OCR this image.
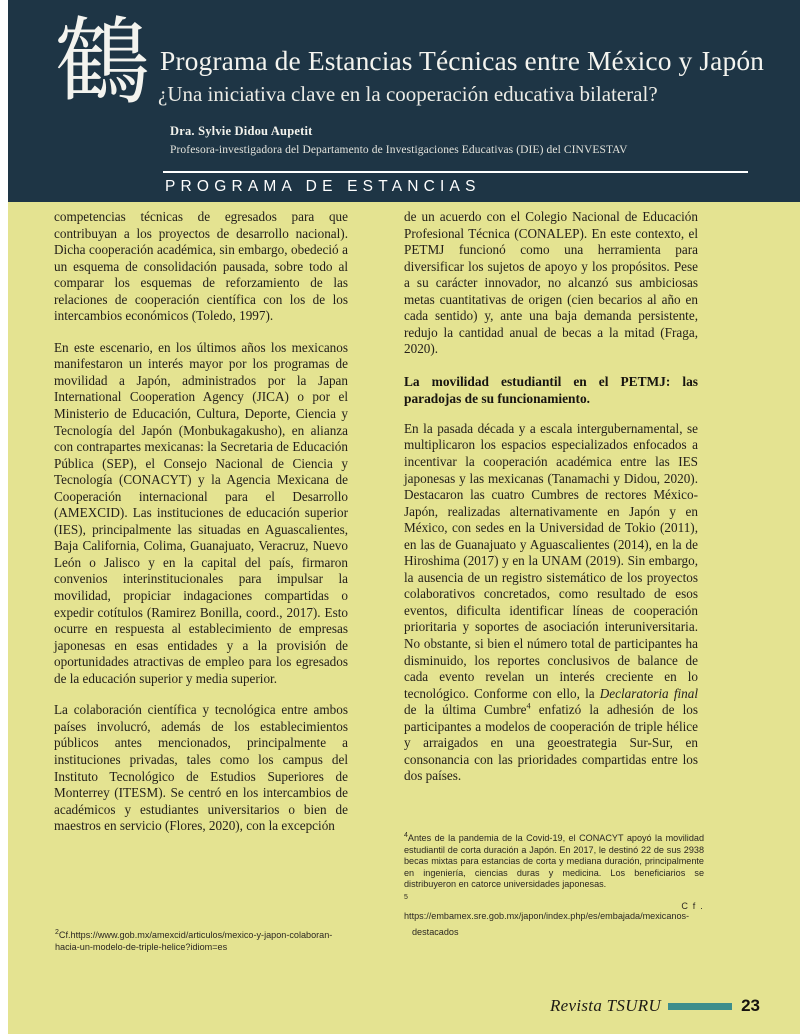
鶴 Programa de Estancias Técnicas entre México y Japón
¿Una iniciativa clave en la cooperación educativa bilateral?
Dra. Sylvie Didou Aupetit
Profesora-investigadora del Departamento de Investigaciones Educativas (DIE) del CINVESTAV
PROGRAMA DE ESTANCIAS

competencias técnicas de egresados para que contribuyan a los proyectos de desarrollo nacional). Dicha cooperación académica, sin embargo, obedeció a un esquema de consolidación pausada, sobre todo al comparar los esquemas de reforzamiento de las relaciones de cooperación científica con los de los intercambios económicos (Toledo, 1997).

En este escenario, en los últimos años los mexicanos manifestaron un interés mayor por los programas de movilidad a Japón, administrados por la Japan International Cooperation Agency (JICA) o por el Ministerio de Educación, Cultura, Deporte, Ciencia y Tecnología del Japón (Monbukagakusho), en alianza con contrapartes mexicanas: la Secretaria de Educación Pública (SEP), el Consejo Nacional de Ciencia y Tecnología (CONACYT) y la Agencia Mexicana de Cooperación internacional para el Desarrollo (AMEXCID). Las instituciones de educación superior (IES), principalmente las situadas en Aguascalientes, Baja California, Colima, Guanajuato, Veracruz, Nuevo León o Jalisco y en la capital del país, firmaron convenios interinstitucionales para impulsar la movilidad, propiciar indagaciones compartidas o expedir cotítulos (Ramirez Bonilla, coord., 2017). Esto ocurre en respuesta al establecimiento de empresas japonesas en esas entidades y a la provisión de oportunidades atractivas de empleo para los egresados de la educación superior y media superior.

La colaboración científica y tecnológica entre ambos países involucró, además de los establecimientos públicos antes mencionados, principalmente a instituciones privadas, tales como los campus del Instituto Tecnológico de Estudios Superiores de Monterrey (ITESM). Se centró en los intercambios de académicos y estudiantes universitarios o bien de maestros en servicio (Flores, 2020), con la excepción

$^2$Cf.https://www.gob.mx/amexcid/articulos/mexico-y-japon-colaboran-hacia-un-modelo-de-triple-helice?idiom=es

de un acuerdo con el Colegio Nacional de Educación Profesional Técnica (CONALEP). En este contexto, el PETMJ funcionó como una herramienta para diversificar los sujetos de apoyo y los propósitos. Pese a su carácter innovador, no alcanzó sus ambiciosas metas cuantitativas de origen (cien becarios al año en cada sentido) y, ante una baja demanda persistente, redujo la cantidad anual de becas a la mitad (Fraga, 2020).

La movilidad estudiantil en el PETMJ: las paradojas de su funcionamiento.

En la pasada década y a escala intergubernamental, se multiplicaron los espacios especializados enfocados a incentivar la cooperación académica entre las IES japonesas y las mexicanas (Tanamachi y Didou, 2020). Destacaron las cuatro Cumbres de rectores México-Japón, realizadas alternativamente en Japón y en México, con sedes en la Universidad de Tokio (2011), en las de Guanajuato y Aguascalientes (2014), en la de Hiroshima (2017) y en la UNAM (2019). Sin embargo, la ausencia de un registro sistemático de los proyectos colaborativos concretados, como resultado de esos eventos, dificulta identificar líneas de cooperación prioritaria y soportes de asociación interuniversitaria. No obstante, si bien el número total de participantes ha disminuido, los reportes conclusivos de balance de cada evento revelan un interés creciente en lo tecnológico. Conforme con ello, la Declaratoria final de la última Cumbre$^4$ enfatizó la adhesión de los participantes a modelos de cooperación de triple hélice y arraigados en una geoestrategia Sur-Sur, en consonancia con las prioridades compartidas entre los dos países.

$^4$Antes de la pandemia de la Covid-19, el CONACYT apoyó la movilidad estudiantil de corta duración a Japón. En 2017, le destinó 22 de sus 2938 becas mixtas para estancias de corta y mediana duración, principalmente en ingeniería, ciencias duras y medicina. Los beneficiarios se distribuyeron en catorce universidades japonesas.

5

C f .

https://embamex.sre.gob.mx/japon/index.php/es/embajada/mexicanos-

destacados

Revista TSURU	23
